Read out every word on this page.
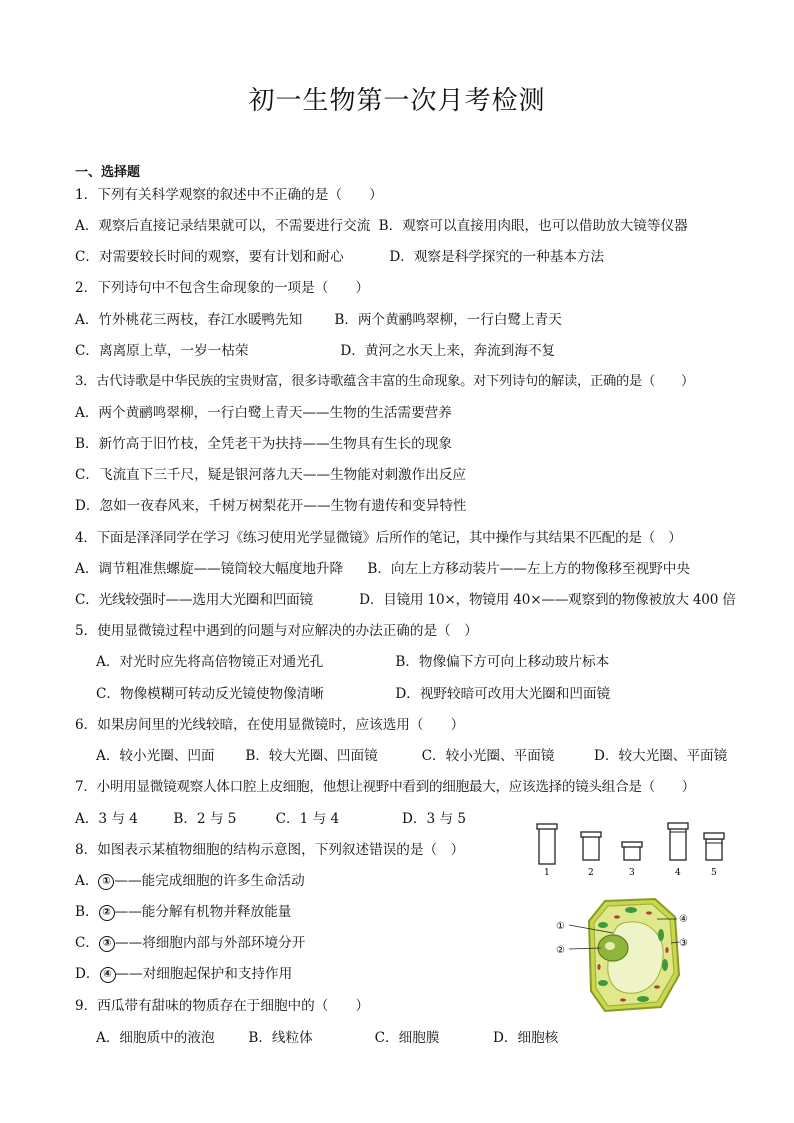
初一生物第一次月考检测
一、选择题
1．下列有关科学观察的叙述中不正确的是（　　）
A．观察后直接记录结果就可以，不需要进行交流 B．观察可以直接用肉眼，也可以借助放大镜等仪器
C．对需要较长时间的观察，要有计划和耐心	D．观察是科学探究的一种基本方法
2．下列诗句中不包含生命现象的一项是（　　）
A．竹外桃花三两枝，春江水暖鸭先知 B．两个黄鹂鸣翠柳，一行白鹭上青天
C．离离原上草，一岁一枯荣	D．黄河之水天上来，奔流到海不复
3．古代诗歌是中华民族的宝贵财富，很多诗歌蕴含丰富的生命现象。对下列诗句的解读，正确的是（　　）
A．两个黄鹂鸣翠柳，一行白鹭上青天——生物的生活需要营养
B．新竹高于旧竹枝，全凭老干为扶持——生物具有生长的现象
C．飞流直下三千尺，疑是银河落九天——生物能对刺激作出反应
D．忽如一夜春风来，千树万树梨花开——生物有遗传和变异特性
4．下面是泽泽同学在学习《练习使用光学显微镜》后所作的笔记，其中操作与其结果不匹配的是（　）
A．调节粗准焦螺旋——镜筒较大幅度地升降 B．向左上方移动装片——左上方的物像移至视野中央
C．光线较强时——选用大光圈和凹面镜	D．目镜用 10×，物镜用 40×——观察到的物像被放大 400 倍
5．使用显微镜过程中遇到的问题与对应解决的办法正确的是（　）
A．对光时应先将高倍物镜正对通光孔	B．物像偏下方可向上移动玻片标本
C．物像模糊可转动反光镜使物像清晰	D．视野较暗可改用大光圈和凹面镜
6．如果房间里的光线较暗，在使用显微镜时，应该选用（　　）
A．较小光圈、凹面 B．较大光圈、凹面镜	C．较小光圈、平面镜	D．较大光圈、平面镜
7．小明用显微镜观察人体口腔上皮细胞，他想让视野中看到的细胞最大，应该选择的镜头组合是（　　）
A．3 与 4	B．2 与 5	C．1 与 4	D．3 与 5
1	2	3	4	5
8．如图表示某植物细胞的结构示意图，下列叙述错误的是（　）
A． ① ——能完成细胞的许多生命活动
B． ② ——能分解有机物并释放能量
C． ③ ——将细胞内部与外部环境分开
D． ④ ——对细胞起保护和支持作用
①
②
③
④
9．西瓜带有甜味的物质存在于细胞中的（　　）
A．细胞质中的液泡 B．线粒体	C．细胞膜	D．细胞核
